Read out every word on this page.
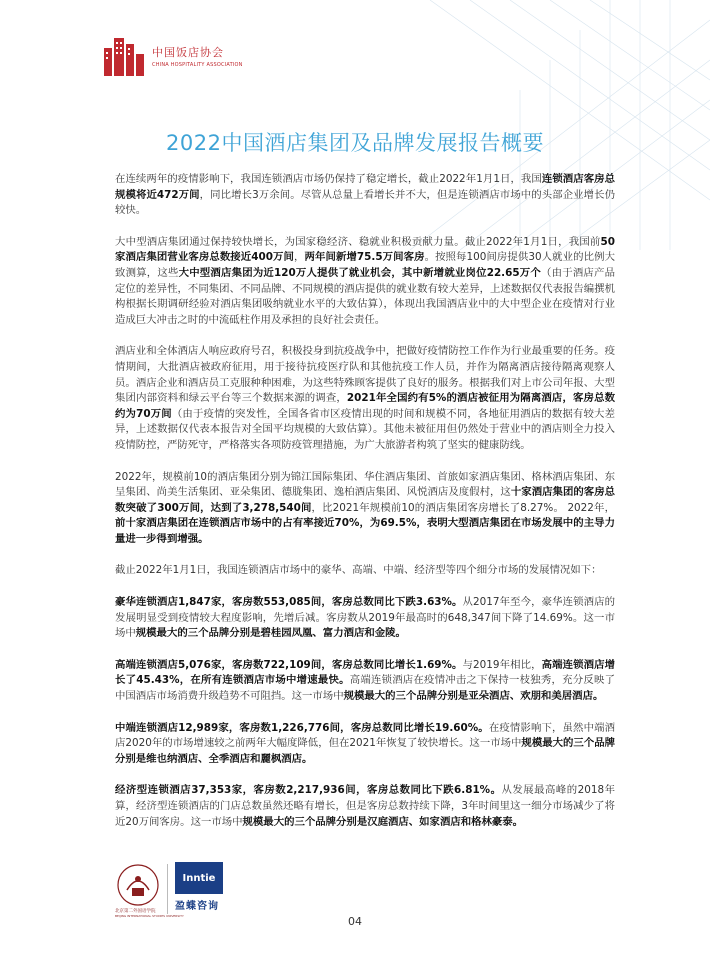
中国饭店协会
CHINA HOSPITALITY ASSOCIATION
2022中国酒店集团及品牌发展报告概要

在连续两年的疫情影响下，我国连锁酒店市场仍保持了稳定增长，截止2022年1月1日，我国连锁酒店客房总规模将近472万间，同比增长3万余间。尽管从总量上看增长并不大，但是连锁酒店市场中的头部企业增长仍较快。

大中型酒店集团通过保持较快增长，为国家稳经济、稳就业积极贡献力量。截止2022年1月1日，我国前50家酒店集团营业客房总数接近400万间，两年间新增75.5万间客房。按照每100间房提供30人就业的比例大致测算，这些大中型酒店集团为近120万人提供了就业机会，其中新增就业岗位22.65万个（由于酒店产品定位的差异性，不同集团、不同品牌、不同规模的酒店提供的就业数有较大差异，上述数据仅代表报告编撰机构根据长期调研经验对酒店集团吸纳就业水平的大致估算），体现出我国酒店业中的大中型企业在疫情对行业造成巨大冲击之时的中流砥柱作用及承担的良好社会责任。

酒店业和全体酒店人响应政府号召，积极投身到抗疫战争中，把做好疫情防控工作作为行业最重要的任务。疫情期间，大批酒店被政府征用，用于接待抗疫医疗队和其他抗疫工作人员，并作为隔离酒店接待隔离观察人员。酒店企业和酒店员工克服种种困难，为这些特殊顾客提供了良好的服务。根据我们对上市公司年报、大型集团内部资料和绿云平台等三个数据来源的调查，2021年全国约有5%的酒店被征用为隔离酒店，客房总数约为70万间（由于疫情的突发性，全国各省市区疫情出现的时间和规模不同，各地征用酒店的数据有较大差异，上述数据仅代表本报告对全国平均规模的大致估算）。其他未被征用但仍然处于营业中的酒店则全力投入疫情防控，严防死守，严格落实各项防疫管理措施，为广大旅游者构筑了坚实的健康防线。

2022年，规模前10的酒店集团分别为锦江国际集团、华住酒店集团、首旅如家酒店集团、格林酒店集团、东呈集团、尚美生活集团、亚朵集团、德胧集团、逸柏酒店集团、风悦酒店及度假村，这十家酒店集团的客房总数突破了300万间，达到了3,278,540间，比2021年规模前10的酒店集团客房增长了8.27%。 2022年，前十家酒店集团在连锁酒店市场中的占有率接近70%，为69.5%，表明大型酒店集团在市场发展中的主导力量进一步得到增强。

截止2022年1月1日，我国连锁酒店市场中的豪华、高端、中端、经济型等四个细分市场的发展情况如下：

豪华连锁酒店1,847家，客房数553,085间，客房总数同比下跌3.63%。从2017年至今，豪华连锁酒店的发展明显受到疫情较大程度影响，先增后减。客房数从2019年最高时的648,347间下降了14.69%。这一市场中规模最大的三个品牌分别是碧桂园凤凰、富力酒店和金陵。

高端连锁酒店5,076家，客房数722,109间，客房总数同比增长1.69%。与2019年相比，高端连锁酒店增长了45.43%，在所有连锁酒店市场中增速最快。高端连锁酒店在疫情冲击之下保持一枝独秀，充分反映了中国酒店市场消费升级趋势不可阻挡。这一市场中规模最大的三个品牌分别是亚朵酒店、欢朋和美居酒店。

中端连锁酒店12,989家，客房数1,226,776间，客房总数同比增长19.60%。在疫情影响下，虽然中端酒店2020年的市场增速较之前两年大幅度降低，但在2021年恢复了较快增长。这一市场中规模最大的三个品牌分别是维也纳酒店、全季酒店和麗枫酒店。

经济型连锁酒店37,353家，客房数2,217,936间，客房总数同比下跌6.81%。从发展最高峰的2018年算，经济型连锁酒店的门店总数虽然还略有增长，但是客房总数持续下降，3年时间里这一细分市场减少了将近20万间客房。这一市场中规模最大的三个品牌分别是汉庭酒店、如家酒店和格林豪泰。

北京第二外国语学院
BEIJING INTERNATIONAL STUDIES UNIVERSITY
Inntie
盈蝶咨询
04
